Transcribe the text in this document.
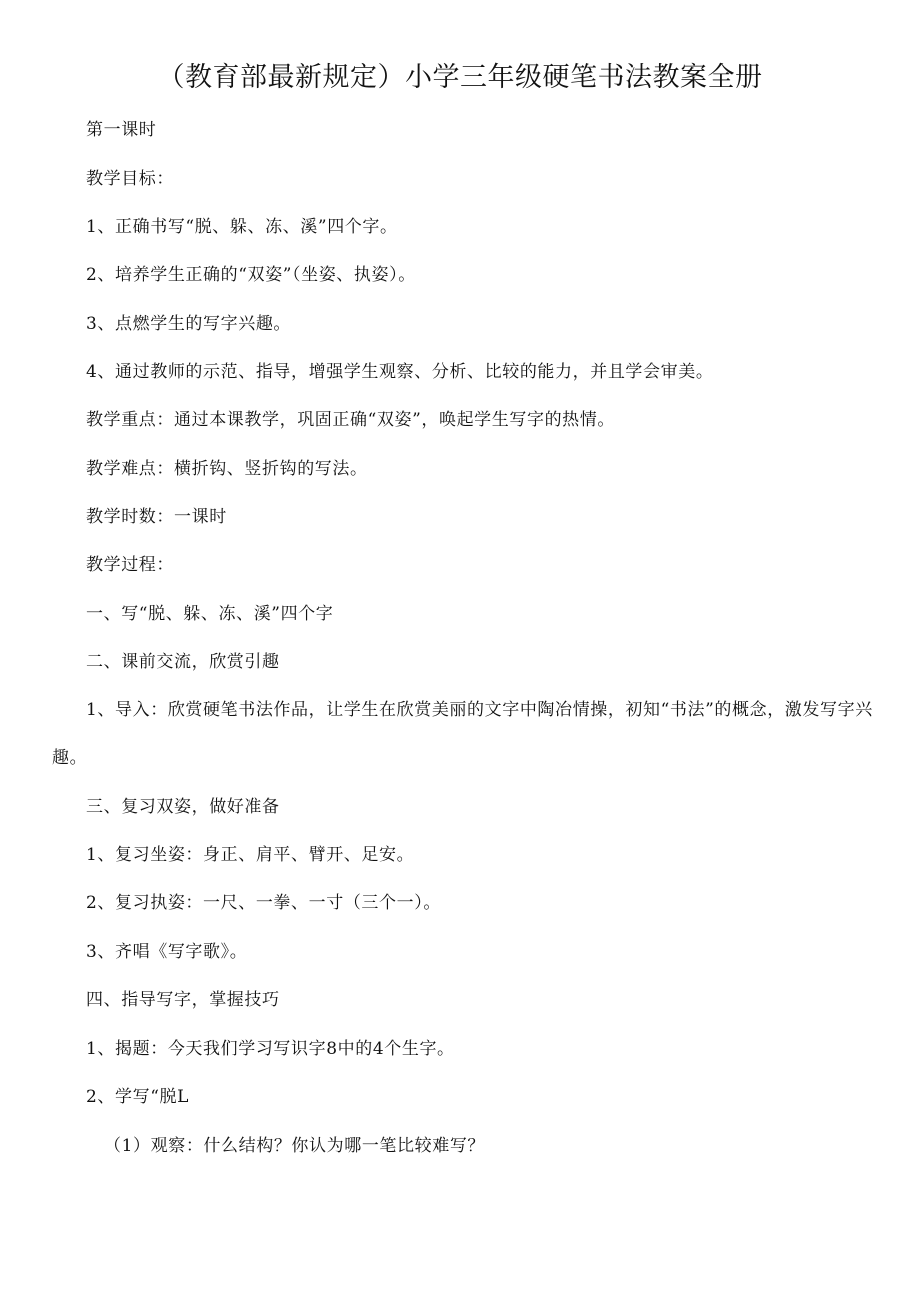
（教育部最新规定）小学三年级硬笔书法教案全册
第一课时
教学目标：
1、正确书写“脱、躲、冻、溪”四个字。
2、培养学生正确的“双姿”（坐姿、执姿）。
3、点燃学生的写字兴趣。
4、通过教师的示范、指导，增强学生观察、分析、比较的能力，并且学会审美。
教学重点：通过本课教学，巩固正确“双姿”，唤起学生写字的热情。
教学难点：横折钩、竖折钩的写法。
教学时数：一课时
教学过程：
一、写“脱、躲、冻、溪”四个字
二、课前交流，欣赏引趣
1、导入：欣赏硬笔书法作品，让学生在欣赏美丽的文字中陶冶情操，初知“书法”的概念，激发写字兴趣。
三、复习双姿，做好准备
1、复习坐姿：身正、肩平、臂开、足安。
2、复习执姿：一尺、一拳、一寸（三个一）。
3、齐唱《写字歌》。
四、指导写字，掌握技巧
1、揭题：今天我们学习写识字8中的4个生字。
2、学写“脱L
（1）观察：什么结构？你认为哪一笔比较难写？
